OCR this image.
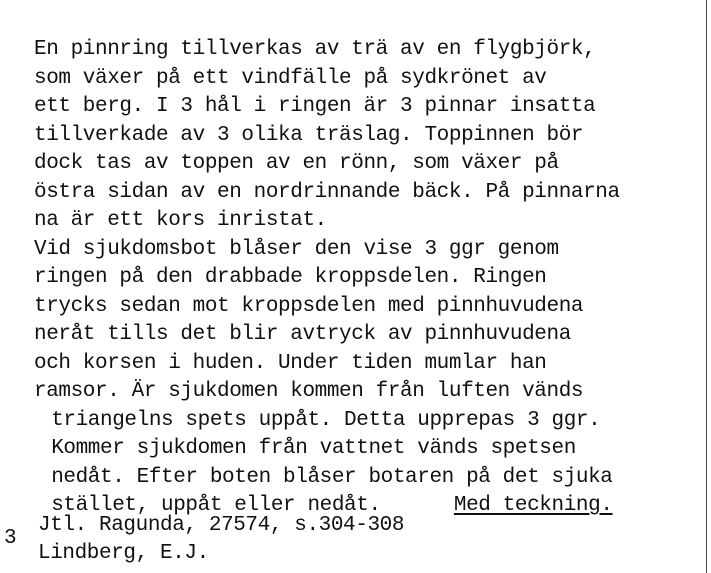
En pinnring tillverkas av trä av en flygbjörk,
som växer på ett vindfälle på sydkrönet av
ett berg. I 3 hål i ringen är 3 pinnar insatta
tillverkade av 3 olika träslag. Toppinnen bör
dock tas av toppen av en rönn, som växer på
östra sidan av en nordrinnande bäck. På pinnarna
na är ett kors inristat.
Vid sjukdomsbot blåser den vise 3 ggr genom
ringen på den drabbade kroppsdelen. Ringen
trycks sedan mot kroppsdelen med pinnhuvudena
neråt tills det blir avtryck av pinnhuvudena
och korsen i huden. Under tiden mumlar han
ramsor. Är sjukdomen kommen från luften vänds
triangelns spets uppåt. Detta upprepas 3 ggr.
Kommer sjukdomen från vattnet vänds spetsen
nedåt. Efter boten blåser botaren på det sjuka
stället, uppåt eller nedåt.	Med teckning.
Jtl. Ragunda, 27574, s.304-308
Lindberg, E.J.
3
